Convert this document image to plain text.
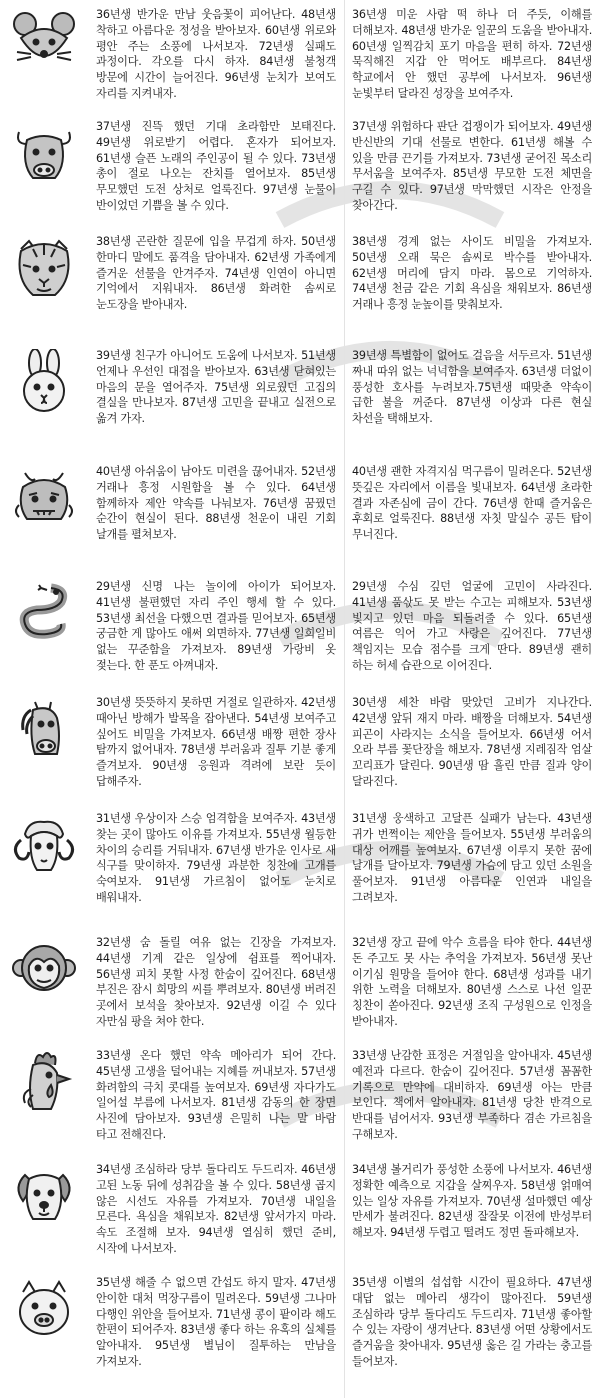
36년생 반가운 만남 웃음꽃이 피어난다. 48년생 착하고 아름다운 정성을 받아보자. 60년생 위로와 평안 주는 소풍에 나서보자. 72년생 실패도 과정이다. 각오를 다시 하자. 84년생 불청객 방문에 시간이 늘어진다. 96년생 눈치가 보여도 자리를 지켜내자.
36년생 미운 사람 떡 하나 더 주듯, 이해를 더해보자. 48년생 반가운 일꾼의 도움을 받아내자. 60년생 일찍감치 포기 마음을 편히 하자. 72년생 묵직해진 지갑 안 먹어도 배부르다. 84년생 학교에서 안 했던 공부에 나서보자. 96년생 눈빛부터 달라진 성장을 보여주자.
37년생 진뜩 했던 기대 초라함만 보태진다. 49년생 위로받기 어렵다. 혼자가 되어보자. 61년생 슬픈 노래의 주인공이 될 수 있다. 73년생 총이 절로 나오는 잔치를 열어보자. 85년생 무모했던 도전 상처로 얼룩진다. 97년생 눈물이 반이었던 기쁨을 볼 수 있다.
37년생 위험하다 판단 겁쟁이가 되어보자. 49년생 반신반의 기대 선물로 변한다. 61년생 해볼 수 있을 만큼 끈기를 가져보자. 73년생 굳어진 목소리 무서움을 보여주자. 85년생 무모한 도전 체면을 구길 수 있다. 97년생 막막했던 시작은 안정을 찾아간다.
38년생 곤란한 질문에 입을 무겁게 하자. 50년생 한마디 말에도 품격을 담아내자. 62년생 가족에게 즐거운 선물을 안겨주자. 74년생 인연이 아니면 기억에서 지워내자. 86년생 화려한 솜씨로 눈도장을 받아내자.
38년생 경계 없는 사이도 비밀을 가져보자. 50년생 오래 묵은 솜씨로 박수를 받아내자. 62년생 머리에 담지 마라. 몸으로 기억하자. 74년생 천금 같은 기회 욕심을 채워보자. 86년생 거래나 흥정 눈높이를 맞춰보자.
39년생 친구가 아니어도 도움에 나서보자. 51년생 언제나 우선인 대접을 받아보자. 63년생 닫혀있는 마음의 문을 열어주자. 75년생 외로웠던 고집의 결실을 만나보자. 87년생 고민을 끝내고 실전으로 옮겨 가자.
39년생 특별함이 없어도 걸음을 서두르자. 51년생 짜내 따위 없는 넉넉함을 보여주자. 63년생 더없이 풍성한 호사를 누려보자.75년생 때맞춘 약속이 급한 불을 꺼준다. 87년생 이상과 다른 현실 차선을 택해보자.
40년생 아쉬움이 남아도 미련을 끊어내자. 52년생 거래나 흥정 시원함을 볼 수 있다. 64년생 함께하자 제안 약속를 나눠보자. 76년생 꿈꿨던 순간이 현실이 된다. 88년생 천운이 내린 기회 날개를 펼쳐보자.
40년생 괜한 자격지심 먹구름이 밀려온다. 52년생 뜻깊은 자리에서 이름을 빛내보자. 64년생 초라한 결과 자존심에 금이 간다. 76년생 한때 즐거움은 후회로 얼룩진다. 88년생 자칫 말실수 공든 탑이 무너진다.
29년생 신명 나는 놀이에 아이가 되어보자. 41년생 불편했던 자리 주인 행세 할 수 있다. 53년생 최선을 다했으면 결과를 믿어보자. 65년생 궁금한 게 많아도 애써 외면하자. 77년생 일희일비 없는 꾸준함을 가져보자. 89년생 가랑비 옷 젖는다. 한 푼도 아껴내자.
29년생 수심 깊던 얼굴에 고민이 사라진다. 41년생 품삯도 못 받는 수고는 피해보자. 53년생 빛지고 있던 마음 되돌려줄 수 있다. 65년생 여름은 익어 가고 사랑은 깊어진다. 77년생 책임지는 모습 점수를 크게 딴다. 89년생 괜히 하는 허세 습관으로 이어진다.
30년생 뜻뜻하지 못하면 거절로 일관하자. 42년생 때아닌 방해가 발목을 잡아낸다. 54년생 보여주고 싶어도 비밀을 가져보자. 66년생 배짱 편한 장사 탐까지 없어내자. 78년생 부러움과 질투 기분 좋게 즐겨보자. 90년생 응원과 격려에 보란 듯이 답해주자.
30년생 세찬 바람 맞았던 고비가 지나간다. 42년생 앞뒤 재지 마라. 배짱을 더해보자. 54년생 피곤이 사라지는 소식을 들어보자. 66년생 어서 오라 부름 꽃단장을 해보자. 78년생 지레짐작 엄살 꼬리표가 달린다. 90년생 땀 흘린 만큼 질과 양이 달라진다.
31년생 우상이자 스승 엄격함을 보여주자. 43년생 찾는 곳이 많아도 이유를 가져보자. 55년생 월등한 차이의 승리를 거둬내자. 67년생 반가운 인사로 새 식구를 맞이하자. 79년생 과분한 칭찬에 고개를 숙여보자. 91년생 가르침이 없어도 눈치로 배워내자.
31년생 웅색하고 고달픈 실패가 남는다. 43년생 귀가 번쩍이는 제안을 들어보자. 55년생 부러움의 대상 어깨를 높여보자. 67년생 이루지 못한 꿈에 날개를 달아보자. 79년생 가슴에 담고 있던 소원을 풀어보자. 91년생 아름다운 인연과 내일을 그려보자.
32년생 숨 돌릴 여유 없는 긴장을 가져보자. 44년생 기계 같은 일상에 쉼표를 찍어내자. 56년생 피치 못할 사정 한숨이 깊어진다. 68년생 부진은 잠시 희망의 씨를 뿌려보자. 80년생 버려진 곳에서 보석을 찾아보자. 92년생 이길 수 있다 자만심 팡을 쳐야 한다.
32년생 장고 끝에 악수 흐름을 타야 한다. 44년생 돈 주고도 못 사는 추억을 가져보자. 56년생 못난 이기심 원망을 들어야 한다. 68년생 성과를 내기 위한 노력을 더해보자. 80년생 스스로 나선 일꾼 칭찬이 쏟아진다. 92년생 조직 구성원으로 인정을 받아내자.
33년생 온다 했던 약속 메아리가 되어 간다. 45년생 고생을 덜어내는 지혜를 꺼내보자. 57년생 화려함의 극치 콧대를 높여보자. 69년생 자다가도 일어설 부름에 나서보자. 81년생 감동의 한 장면 사진에 담아보자. 93년생 은밀히 나는 말 바람 타고 전해진다.
33년생 난감한 표정은 거절임을 알아내자. 45년생 예전과 다르다. 한숨이 깊어진다. 57년생 꼼꼼한 기록으로 만약에 대비하자. 69년생 아는 만큼 보인다. 책에서 알아내자. 81년생 당찬 반격으로 반대를 넘어서자. 93년생 부족하다 겸손 가르침을 구해보자.
34년생 조심하라 당부 돌다리도 두드리자. 46년생 고된 노동 뒤에 성취감을 볼 수 있다. 58년생 곱지 않은 시선도 자유를 가져보자. 70년생 내일을 모른다. 욕심을 채워보자. 82년생 앞서가지 마라. 속도 조절해 보자. 94년생 열심히 했던 준비, 시작에 나서보자.
34년생 볼거리가 풍성한 소풍에 나서보자. 46년생 정확한 예측으로 지갑을 살찌우자. 58년생 얽매여 있는 일상 자유를 가져보자. 70년생 설마했던 예상 만세가 불려진다. 82년생 잘잘못 이전에 반성부터 해보자. 94년생 두렵고 떨려도 정면 돌파해보자.
35년생 해줄 수 없으면 간섭도 하지 말자. 47년생 안이한 대처 먹장구름이 밀려온다. 59년생 그나마 다행인 위안을 들어보자. 71년생 콩이 팥이라 해도 한편이 되어주자. 83년생 좋다 하는 유혹의 실체를 알아내자. 95년생 별님이 질투하는 만남을 가져보자.
35년생 이별의 섭섭함 시간이 필요하다. 47년생 대답 없는 메아리 생각이 많아진다. 59년생 조심하라 당부 돌다리도 두드리자. 71년생 좋아할 수 있는 자랑이 생겨난다. 83년생 어떤 상황에서도 즐거움을 찾아내자. 95년생 옳은 길 가라는 충고를 들어보자.
